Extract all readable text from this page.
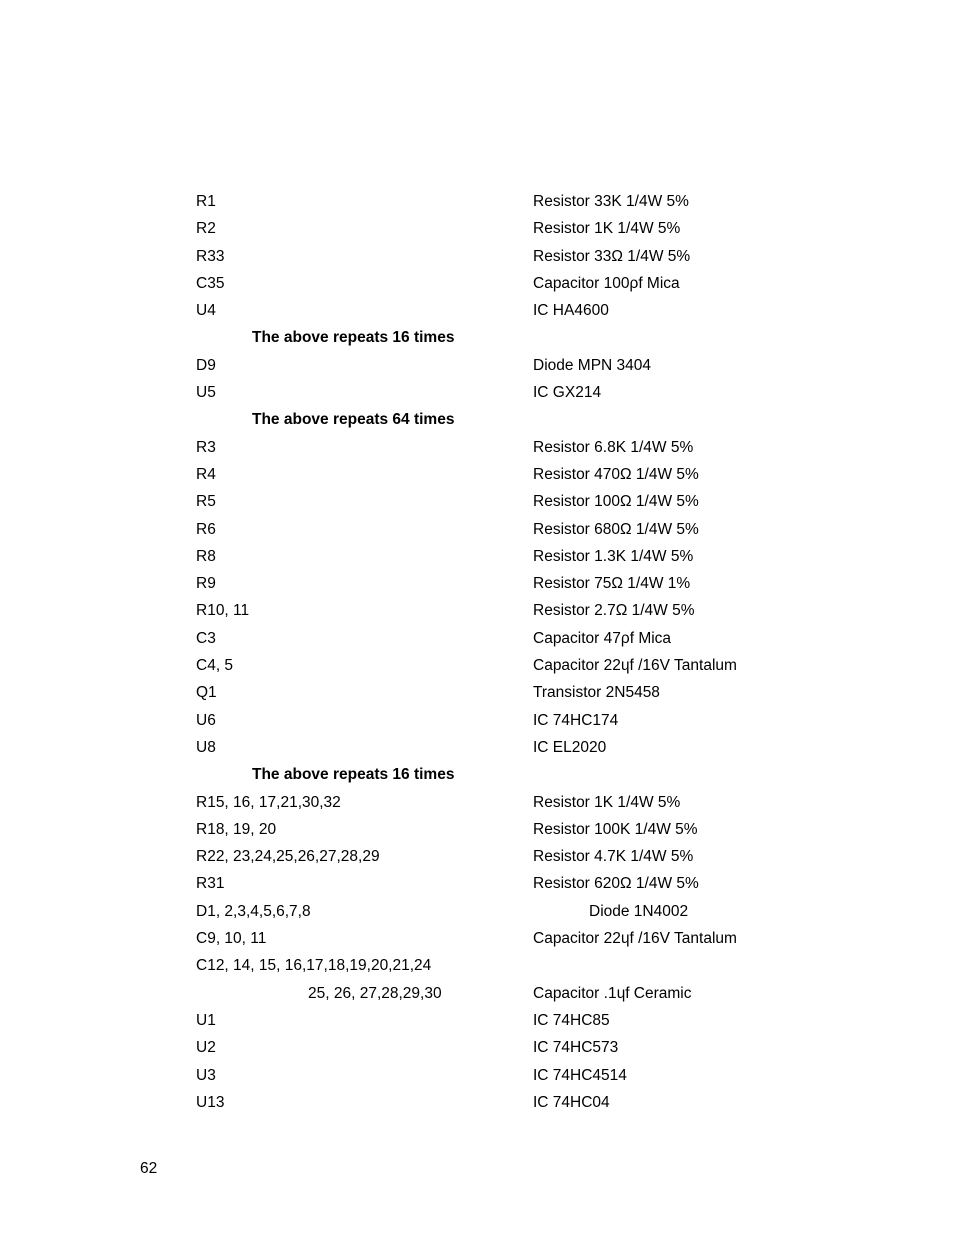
R1	Resistor 33K 1/4W 5%
R2	Resistor 1K 1/4W 5%
R33	Resistor 33Ω 1/4W 5%
C35	Capacitor 100ρf Mica
U4	IC HA4600
The above repeats 16 times
D9	Diode MPN 3404
U5	IC GX214
The above repeats 64 times
R3	Resistor 6.8K 1/4W 5%
R4	Resistor 470Ω 1/4W 5%
R5	Resistor 100Ω 1/4W 5%
R6	Resistor 680Ω 1/4W 5%
R8	Resistor 1.3K 1/4W 5%
R9	Resistor 75Ω 1/4W 1%
R10, 11	Resistor 2.7Ω 1/4W 5%
C3	Capacitor 47ρf Mica
C4, 5	Capacitor 22ɥf /16V Tantalum
Q1	Transistor 2N5458
U6	IC 74HC174
U8	IC EL2020
The above repeats 16 times
R15, 16, 17,21,30,32	Resistor 1K 1/4W 5%
R18, 19, 20	Resistor 100K 1/4W 5%
R22, 23,24,25,26,27,28,29	Resistor 4.7K 1/4W 5%
R31	Resistor 620Ω 1/4W 5%
D1, 2,3,4,5,6,7,8	Diode 1N4002
C9, 10, 11	Capacitor 22ɥf /16V Tantalum
C12, 14, 15, 16,17,18,19,20,21,24
25, 26, 27,28,29,30	Capacitor .1ɥf Ceramic
U1	IC 74HC85
U2	IC 74HC573
U3	IC 74HC4514
U13	IC 74HC04
62
